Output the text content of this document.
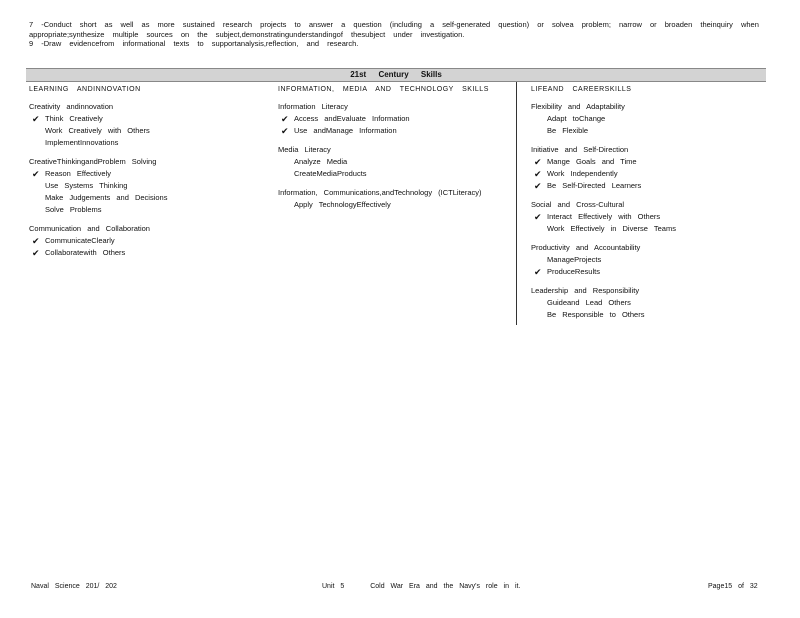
7 -Conduct short as well as more sustained research projects to answer a question (including a self-generated question) or solvea problem; narrow or broaden theinquiry when
appropriate;synthesize multiple sources on the subject,demonstratingunderstandingof thesubject under investigation.
9 -Draw evidencefrom informational texts to supportanalysis,reflection, and research.
21st Century Skills
LEARNING ANDINNOVATION
Creativity andinnovation
✔ Think Creatively
Work Creatively with Others
ImplementInnovations
CreativeThinkingandProblem Solving
✔ Reason Effectively
Use Systems Thinking
Make Judgements and Decisions
Solve Problems
Communication and Collaboration
✔ CommunicateClearly
✔ Collaboratewith Others
INFORMATION, MEDIA AND TECHNOLOGY SKILLS
Information Literacy
✔ Access andEvaluate Information
✔ Use andManage Information
Media Literacy
Analyze Media
CreateMediaProducts
Information, Communications,andTechnology (ICTLiteracy)
Apply TechnologyEffectively
LIFEAND CAREERSKILLS
Flexibility and Adaptability
Adapt toChange
Be Flexible
Initiative and Self-Direction
✔ Mange Goals and Time
✔ Work Independently
✔ Be Self-Directed Learners
Social and Cross-Cultural
✔ Interact Effectively with Others
Work Effectively in Diverse Teams
Productivity and Accountability
ManageProjects
✔ ProduceResults
Leadership and Responsibility
Guideand Lead Others
Be Responsible to Others
Naval Science 201/ 202	Unit 5	Cold War Era and the Navy's role in it.	Page15 of 32
